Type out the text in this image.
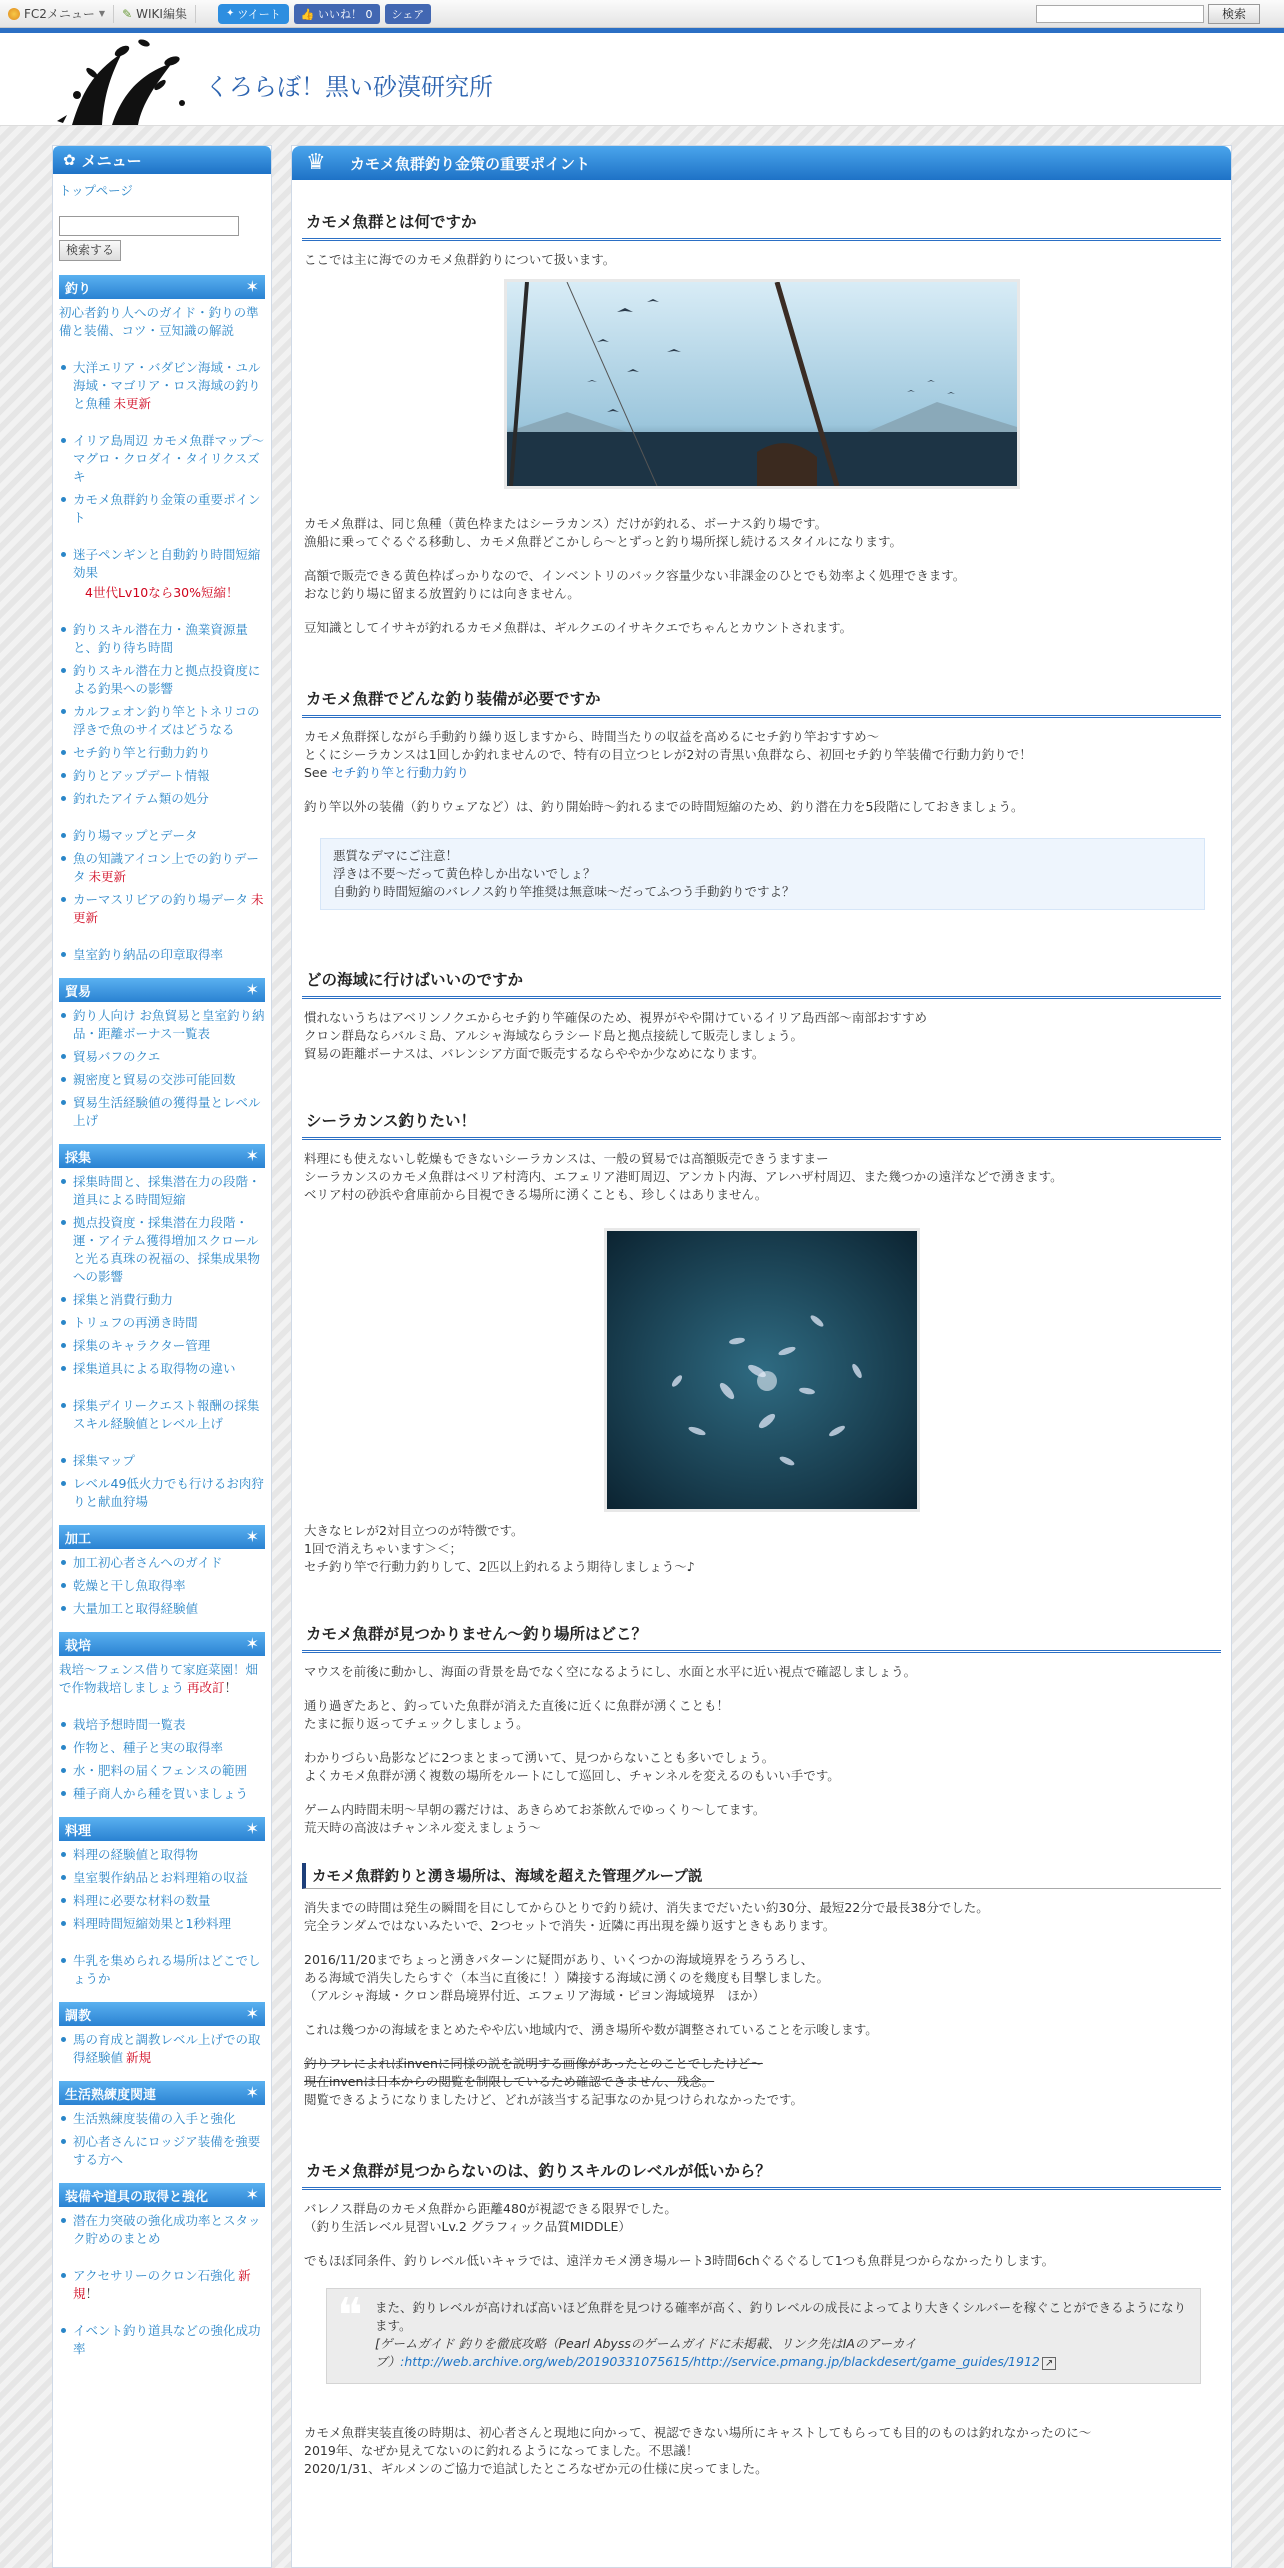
FC2メニュー ▼ ✎ WIKI編集	✦ ツイート	👍 いいね！ 0	シェア	検索
くろらぼ！黒い砂漠研究所
✿ メニュー
トップページ
検索する
釣り	✶
初心者釣り人へのガイド・釣りの準備と装備、コツ・豆知識の解説
大洋エリア・バダビン海域・ユル海域・マゴリア・ロス海域の釣りと魚種 未更新
イリア島周辺 カモメ魚群マップ～マグロ・クロダイ・タイリクスズキ
カモメ魚群釣り金策の重要ポイント
迷子ペンギンと自動釣り時間短縮効果
4世代Lv10なら30%短縮！
釣りスキル潜在力・漁業資源量と、釣り待ち時間
釣りスキル潜在力と拠点投資度による釣果への影響
カルフェオン釣り竿とトネリコの浮きで魚のサイズはどうなる
セチ釣り竿と行動力釣り
釣りとアップデート情報
釣れたアイテム類の処分
釣り場マップとデータ
魚の知識アイコン上での釣りデータ 未更新
カーマスリビアの釣り場データ 未更新
皇室釣り納品の印章取得率
貿易	✶
釣り人向け お魚貿易と皇室釣り納品・距離ボーナス一覧表
貿易バフのクエ
親密度と貿易の交渉可能回数
貿易生活経験値の獲得量とレベル上げ
採集	✶
採集時間と、採集潜在力の段階・道具による時間短縮
拠点投資度・採集潜在力段階・運・アイテム獲得増加スクロールと光る真珠の祝福の、採集成果物への影響
採集と消費行動力
トリュフの再湧き時間
採集のキャラクター管理
採集道具による取得物の違い
採集デイリークエスト報酬の採集スキル経験値とレベル上げ
採集マップ
レベル49低火力でも行けるお肉狩りと献血狩場
加工	✶
加工初心者さんへのガイド
乾燥と干し魚取得率
大量加工と取得経験値
栽培	✶
栽培～フェンス借りて家庭菜園！畑で作物栽培しましょう 再改訂！
栽培予想時間一覧表
作物と、種子と実の取得率
水・肥料の届くフェンスの範囲
種子商人から種を買いましょう
料理	✶
料理の経験値と取得物
皇室製作納品とお料理箱の収益
料理に必要な材料の数量
料理時間短縮効果と1秒料理
牛乳を集められる場所はどこでしょうか
調教	✶
馬の育成と調教レベル上げでの取得経験値 新規
生活熟練度関連	✶
生活熟練度装備の入手と強化
初心者さんにロッジア装備を強要する方へ
装備や道具の取得と強化 ✶
潜在力突破の強化成功率とスタック貯めのまとめ
アクセサリーのクロン石強化 新規！
イベント釣り道具などの強化成功率
♛ カモメ魚群釣り金策の重要ポイント
カモメ魚群とは何ですか

ここでは主に海でのカモメ魚群釣りについて扱います。

カモメ魚群は、同じ魚種（黄色枠またはシーラカンス）だけが釣れる、ボーナス釣り場です。
漁船に乗ってぐるぐる移動し、カモメ魚群どこかしら～とずっと釣り場所探し続けるスタイルになります。

高額で販売できる黄色枠ばっかりなので、インベントリのバック容量少ない非課金のひとでも効率よく処理できます。
おなじ釣り場に留まる放置釣りには向きません。

豆知識としてイサキが釣れるカモメ魚群は、ギルクエのイサキクエでちゃんとカウントされます。

カモメ魚群でどんな釣り装備が必要ですか

カモメ魚群探しながら手動釣り繰り返しますから、時間当たりの収益を高めるにセチ釣り竿おすすめ～
とくにシーラカンスは1回しか釣れませんので、特有の目立つヒレが2対の青黒い魚群なら、初回セチ釣り竿装備で行動力釣りで！
See セチ釣り竿と行動力釣り

釣り竿以外の装備（釣りウェアなど）は、釣り開始時～釣れるまでの時間短縮のため、釣り潜在力を5段階にしておきましょう。

悪質なデマにご注意！
浮きは不要～だって黄色枠しか出ないでしょ？
自動釣り時間短縮のバレノス釣り竿推奨は無意味～だってふつう手動釣りですよ？
どの海域に行けばいいのですか

慣れないうちはアベリンノクエからセチ釣り竿確保のため、視界がやや開けているイリア島西部～南部おすすめ
クロン群島ならバルミ島、アルシャ海域ならラシード島と拠点接続して販売しましょう。
貿易の距離ボーナスは、バレンシア方面で販売するならややか少なめになります。

シーラカンス釣りたい！

料理にも使えないし乾燥もできないシーラカンスは、一般の貿易では高額販売できうますまー
シーラカンスのカモメ魚群はベリア村湾内、エフェリア港町周辺、アンカト内海、アレハザ村周辺、また幾つかの遠洋などで湧きます。
ベリア村の砂浜や倉庫前から目視できる場所に湧くことも、珍しくはありません。

大きなヒレが2対目立つのが特徴です。
1回で消えちゃいます＞＜；
セチ釣り竿で行動力釣りして、2匹以上釣れるよう期待しましょう～♪

カモメ魚群が見つかりません～釣り場所はどこ？

マウスを前後に動かし、海面の背景を島でなく空になるようにし、水面と水平に近い視点で確認しましょう。

通り過ぎたあと、釣っていた魚群が消えた直後に近くに魚群が湧くことも！
たまに振り返ってチェックしましょう。

わかりづらい島影などに2つまとまって湧いて、見つからないことも多いでしょう。
よくカモメ魚群が湧く複数の場所をルートにして巡回し、チャンネルを変えるのもいい手です。

ゲーム内時間未明～早朝の霧だけは、あきらめてお茶飲んでゆっくり～してます。
荒天時の高波はチャンネル変えましょう～

カモメ魚群釣りと湧き場所は、海域を超えた管理グループ説

消失までの時間は発生の瞬間を目にしてからひとりで釣り続け、消失までだいたい約30分、最短22分で最長38分でした。
完全ランダムではないみたいで、2つセットで消失・近隣に再出現を繰り返すときもあります。

2016/11/20までちょっと湧きパターンに疑問があり、いくつかの海域境界をうろうろし、
ある海域で消失したらすぐ（本当に直後に！）隣接する海域に湧くのを幾度も目撃しました。
（アルシャ海域・クロン群島境界付近、エフェリア海域・ピヨン海域境界　ほか）

これは幾つかの海域をまとめたやや広い地域内で、湧き場所や数が調整されていることを示唆します。

釣りフレによればinvenに同様の説を説明する画像があったとのことでしたけど～
現在invenは日本からの閲覧を制限しているため確認できません、残念。
閲覧できるようになりましたけど、どれが該当する記事なのか見つけられなかったです。

カモメ魚群が見つからないのは、釣りスキルのレベルが低いから？

バレノス群島のカモメ魚群から距離480が視認できる限界でした。
（釣り生活レベル見習いLv.2 グラフィック品質MIDDLE）

でもほぼ同条件、釣りレベル低いキャラでは、遠洋カモメ湧き場ルート3時間6chぐるぐるして1つも魚群見つからなかったりします。

❝ また、釣りレベルが高ければ高いほど魚群を見つける確率が高く、釣りレベルの成長によってより大きくシルバーを稼ぐことができるようになります。
[ゲームガイド 釣りを徹底攻略（Pearl Abyssのゲームガイドに未掲載、リンク先はIAのアーカイブ）:http://web.archive.org/web/20190331075615/http://service.pmang.jp/blackdesert/game_guides/1912 ↗

カモメ魚群実装直後の時期は、初心者さんと現地に向かって、視認できない場所にキャストしてもらっても目的のものは釣れなかったのに～
2019年、なぜか見えてないのに釣れるようになってました。不思議！
2020/1/31、ギルメンのご協力で追試したところなぜか元の仕様に戻ってました。
